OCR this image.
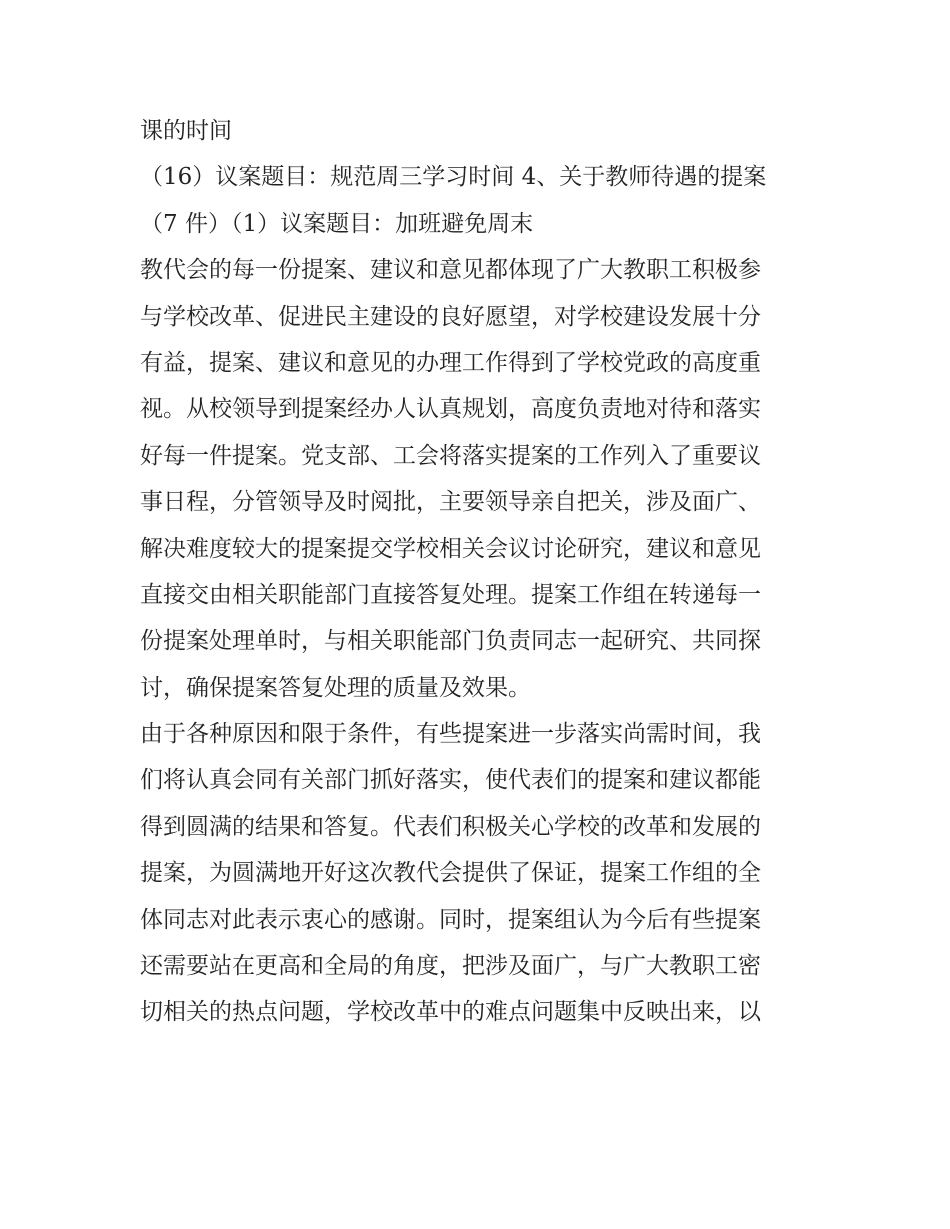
课的时间
（16）议案题目：规范周三学习时间 4、关于教师待遇的提案
（7 件）（1）议案题目：加班避免周末
教代会的每一份提案、建议和意见都体现了广大教职工积极参
与学校改革、促进民主建设的良好愿望，对学校建设发展十分
有益，提案、建议和意见的办理工作得到了学校党政的高度重
视。从校领导到提案经办人认真规划，高度负责地对待和落实
好每一件提案。党支部、工会将落实提案的工作列入了重要议
事日程，分管领导及时阅批，主要领导亲自把关，涉及面广、
解决难度较大的提案提交学校相关会议讨论研究，建议和意见
直接交由相关职能部门直接答复处理。提案工作组在转递每一
份提案处理单时，与相关职能部门负责同志一起研究、共同探
讨，确保提案答复处理的质量及效果。
由于各种原因和限于条件，有些提案进一步落实尚需时间，我
们将认真会同有关部门抓好落实，使代表们的提案和建议都能
得到圆满的结果和答复。代表们积极关心学校的改革和发展的
提案，为圆满地开好这次教代会提供了保证，提案工作组的全
体同志对此表示衷心的感谢。同时，提案组认为今后有些提案
还需要站在更高和全局的角度，把涉及面广，与广大教职工密
切相关的热点问题，学校改革中的难点问题集中反映出来，以
